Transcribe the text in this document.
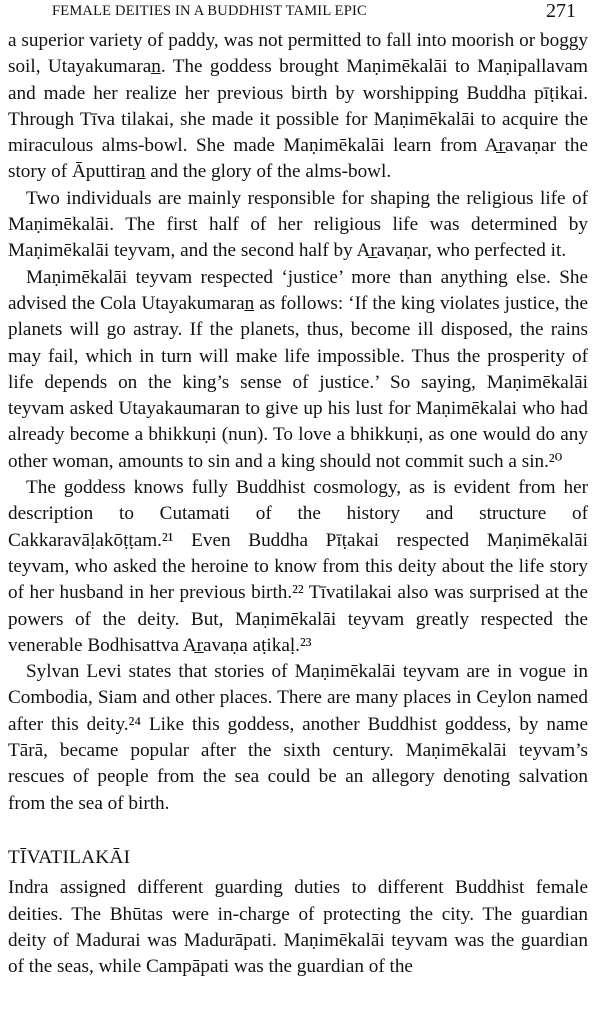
FEMALE DEITIES IN A BUDDHIST TAMIL EPIC	271

a superior variety of paddy, was not permitted to fall into moorish or boggy soil, Utayakumaran̲. The goddess brought Maṇimēkalāi to Maṇipallavam and made her realize her previous birth by worshipping Buddha pīṭikai. Through Tīva tilakai, she made it possible for Maṇimēkalāi to acquire the miraculous alms-bowl. She made Maṇimēkalāi learn from Ar̲avaṇar the story of Āputtiran̲ and the glory of the alms-bowl.

Two individuals are mainly responsible for shaping the religious life of Maṇimēkalāi. The first half of her religious life was determined by Maṇimēkalāi teyvam, and the second half by Ar̲avaṇar, who perfected it.

Maṇimēkalāi teyvam respected ‘justice’ more than anything else. She advised the Cola Utayakumaran̲ as follows: ‘If the king violates justice, the planets will go astray. If the planets, thus, become ill disposed, the rains may fail, which in turn will make life impossible. Thus the prosperity of life depends on the king’s sense of justice.’ So saying, Maṇimēkalāi teyvam asked Utayakaumaran to give up his lust for Maṇimēkalai who had already become a bhikkuṇi (nun). To love a bhikkuṇi, as one would do any other woman, amounts to sin and a king should not commit such a sin.²⁰

The goddess knows fully Buddhist cosmology, as is evident from her description to Cutamati of the history and structure of Cakkaravāḷakōṭṭam.²¹ Even Buddha Pīṭakai respected Maṇimēkalāi teyvam, who asked the heroine to know from this deity about the life story of her husband in her previous birth.²² Tīvatilakai also was surprised at the powers of the deity. But, Maṇimēkalāi teyvam greatly respected the venerable Bodhisattva Ar̲avaṇa aṭikaḷ.²³

Sylvan Levi states that stories of Maṇimēkalāi teyvam are in vogue in Combodia, Siam and other places. There are many places in Ceylon named after this deity.²⁴ Like this goddess, another Buddhist goddess, by name Tārā, became popular after the sixth century. Maṇimēkalāi teyvam’s rescues of people from the sea could be an allegory denoting salvation from the sea of birth.

TĪVATILAKĀI

Indra assigned different guarding duties to different Buddhist female deities. The Bhūtas were in-charge of protecting the city. The guardian deity of Madurai was Madurāpati. Maṇimēkalāi teyvam was the guardian of the seas, while Campāpati was the guardian of the
